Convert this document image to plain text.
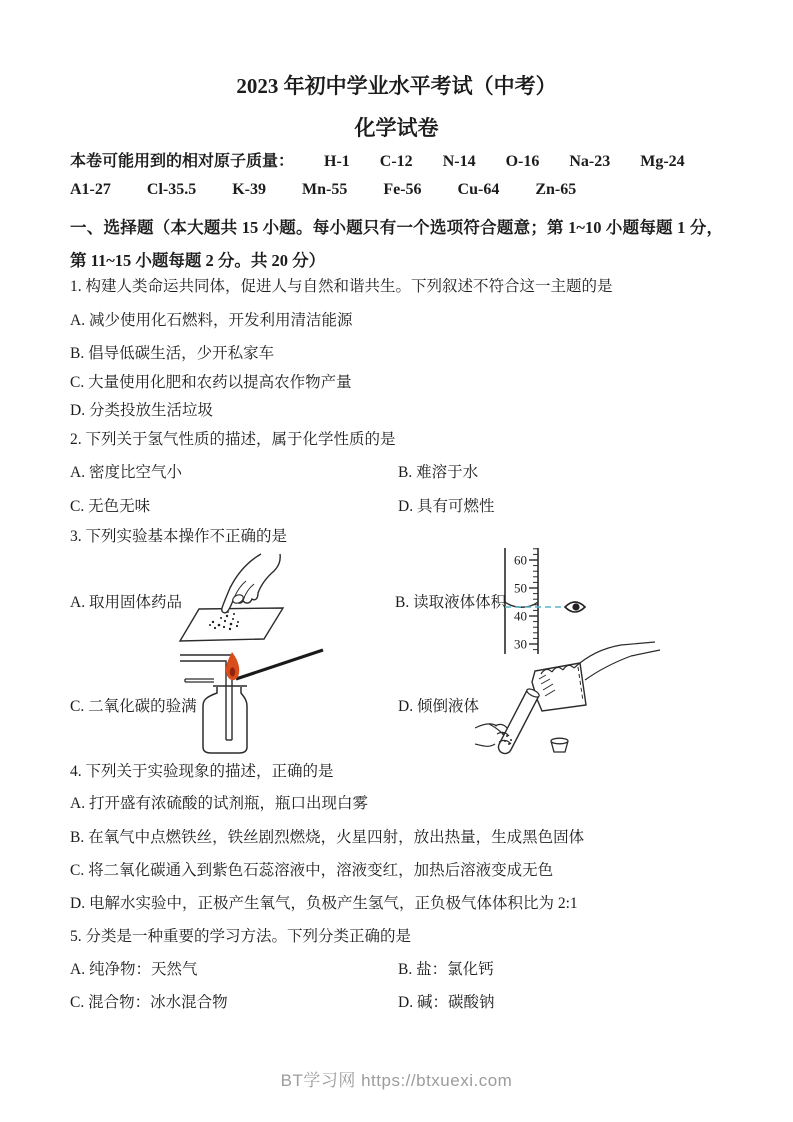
2023 年初中学业水平考试（中考）
化学试卷
本卷可能用到的相对原子质量： H-1 C-12 N-14 O-16 Na-23 Mg-24
A1-27 Cl-35.5 K-39 Mn-55 Fe-56 Cu-64 Zn-65
一、选择题（本大题共 15 小题。每小题只有一个选项符合题意；第 1~10 小题每题 1 分，第 11~15 小题每题 2 分。共 20 分）
1. 构建人类命运共同体，促进人与自然和谐共生。下列叙述不符合这一主题的是
A. 减少使用化石燃料，开发利用清洁能源
B. 倡导低碳生活，少开私家车
C. 大量使用化肥和农药以提高农作物产量
D. 分类投放生活垃圾
2. 下列关于氢气性质的描述，属于化学性质的是
A. 密度比空气小	B. 难溶于水
C. 无色无味	D. 具有可燃性
3. 下列实验基本操作不正确的是
A. 取用固体药品	B. 读取液体体积
C. 二氧化碳的验满	D. 倾倒液体
60
50
40
30
4. 下列关于实验现象的描述，正确的是
A. 打开盛有浓硫酸的试剂瓶，瓶口出现白雾
B. 在氧气中点燃铁丝，铁丝剧烈燃烧，火星四射，放出热量，生成黑色固体
C. 将二氧化碳通入到紫色石蕊溶液中，溶液变红，加热后溶液变成无色
D. 电解水实验中，正极产生氧气，负极产生氢气，正负极气体体积比为 2:1
5. 分类是一种重要的学习方法。下列分类正确的是
A. 纯净物：天然气	B. 盐：氯化钙
C. 混合物：冰水混合物	D. 碱：碳酸钠
BT学习网 https://btxuexi.com
